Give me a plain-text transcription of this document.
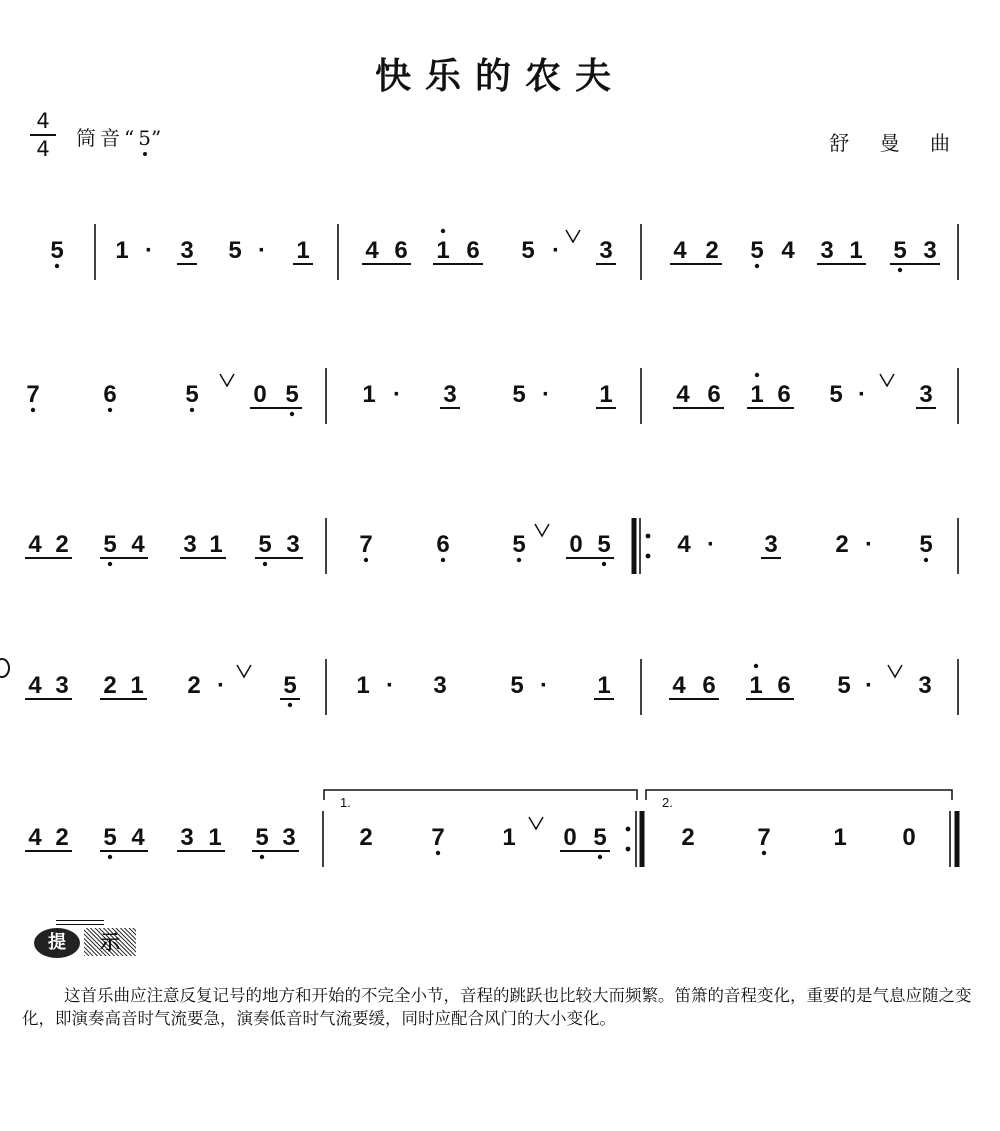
快乐的农夫
4
4	筒音“5”	舒 曼 曲
5 1 · 3 5 · 1 4 6 1 6 5 · 3	4 2 5 4 3 1 5 3
7	6	5 0 5	1 · 3 5 · 1	4 6 1 6 5 · 3
4 2 5 4 3 1 5 3 7	6	5 0 5	4 · 3 2 · 5
4 3 2 1 2 · 5 1 · 3	5 · 1	4 6 1 6 5 · 3
4 2 5 4 3 1 5 3	2 7 1 0 5	2	7	1 0
1.	2.
提	示
这首乐曲应注意反复记号的地方和开始的不完全小节，音程的跳跃也比较大而频繁。笛箫的音程变化，重要的是气息应随之变化，即演奏高音时气流要急，演奏低音时气流要缓，同时应配合风门的大小变化。
